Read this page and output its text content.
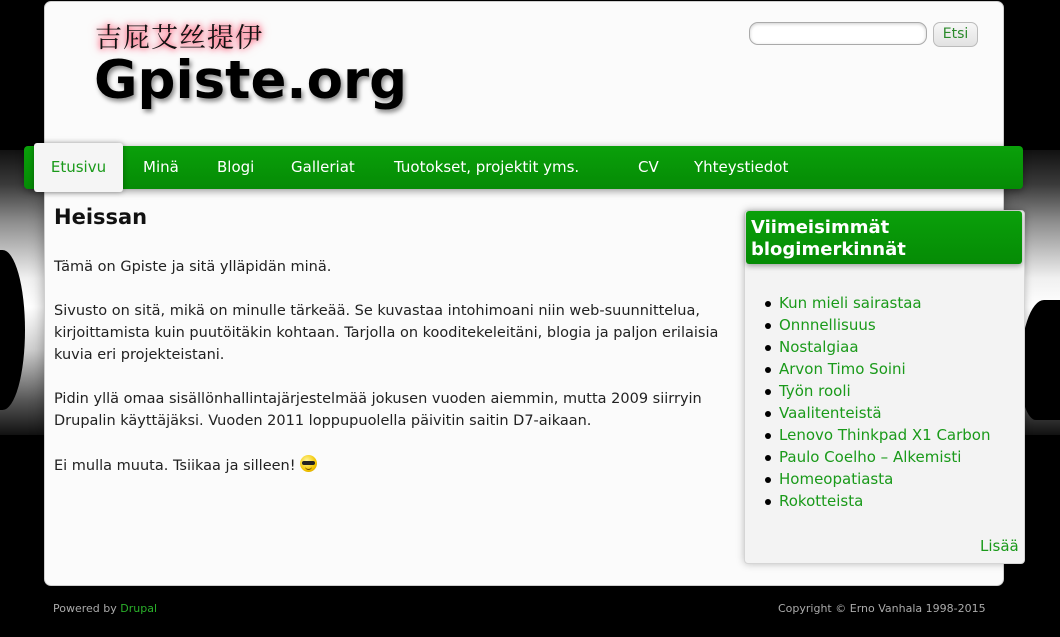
吉屁艾丝提伊
Gpiste.org
Etsi
Etusivu	Minä	Blogi Galleriat	Tuotokset, projektit yms.	CV Yhteystiedot
Heissan
Tämä on Gpiste ja sitä ylläpidän minä.
Sivusto on sitä, mikä on minulle tärkeää. Se kuvastaa intohimoani niin web-suunnittelua, kirjoittamista kuin puutöitäkin kohtaan. Tarjolla on kooditekeleitäni, blogia ja paljon erilaisia kuvia eri projekteistani.
Pidin yllä omaa sisällönhallintajärjestelmää jokusen vuoden aiemmin, mutta 2009 siirryin Drupalin käyttäjäksi. Vuoden 2011 loppupuolella päivitin saitin D7-aikaan.
Ei mulla muuta. Tsiikaa ja silleen!
Viimeisimmät blogimerkinnät
Kun mieli sairastaa
Onnnellisuus
Nostalgiaa
Arvon Timo Soini
Työn rooli
Vaalitenteistä
Lenovo Thinkpad X1 Carbon
Paulo Coelho – Alkemisti
Homeopatiasta
Rokotteista
Lisää
Powered by Drupal	Copyright © Erno Vanhala 1998-2015
